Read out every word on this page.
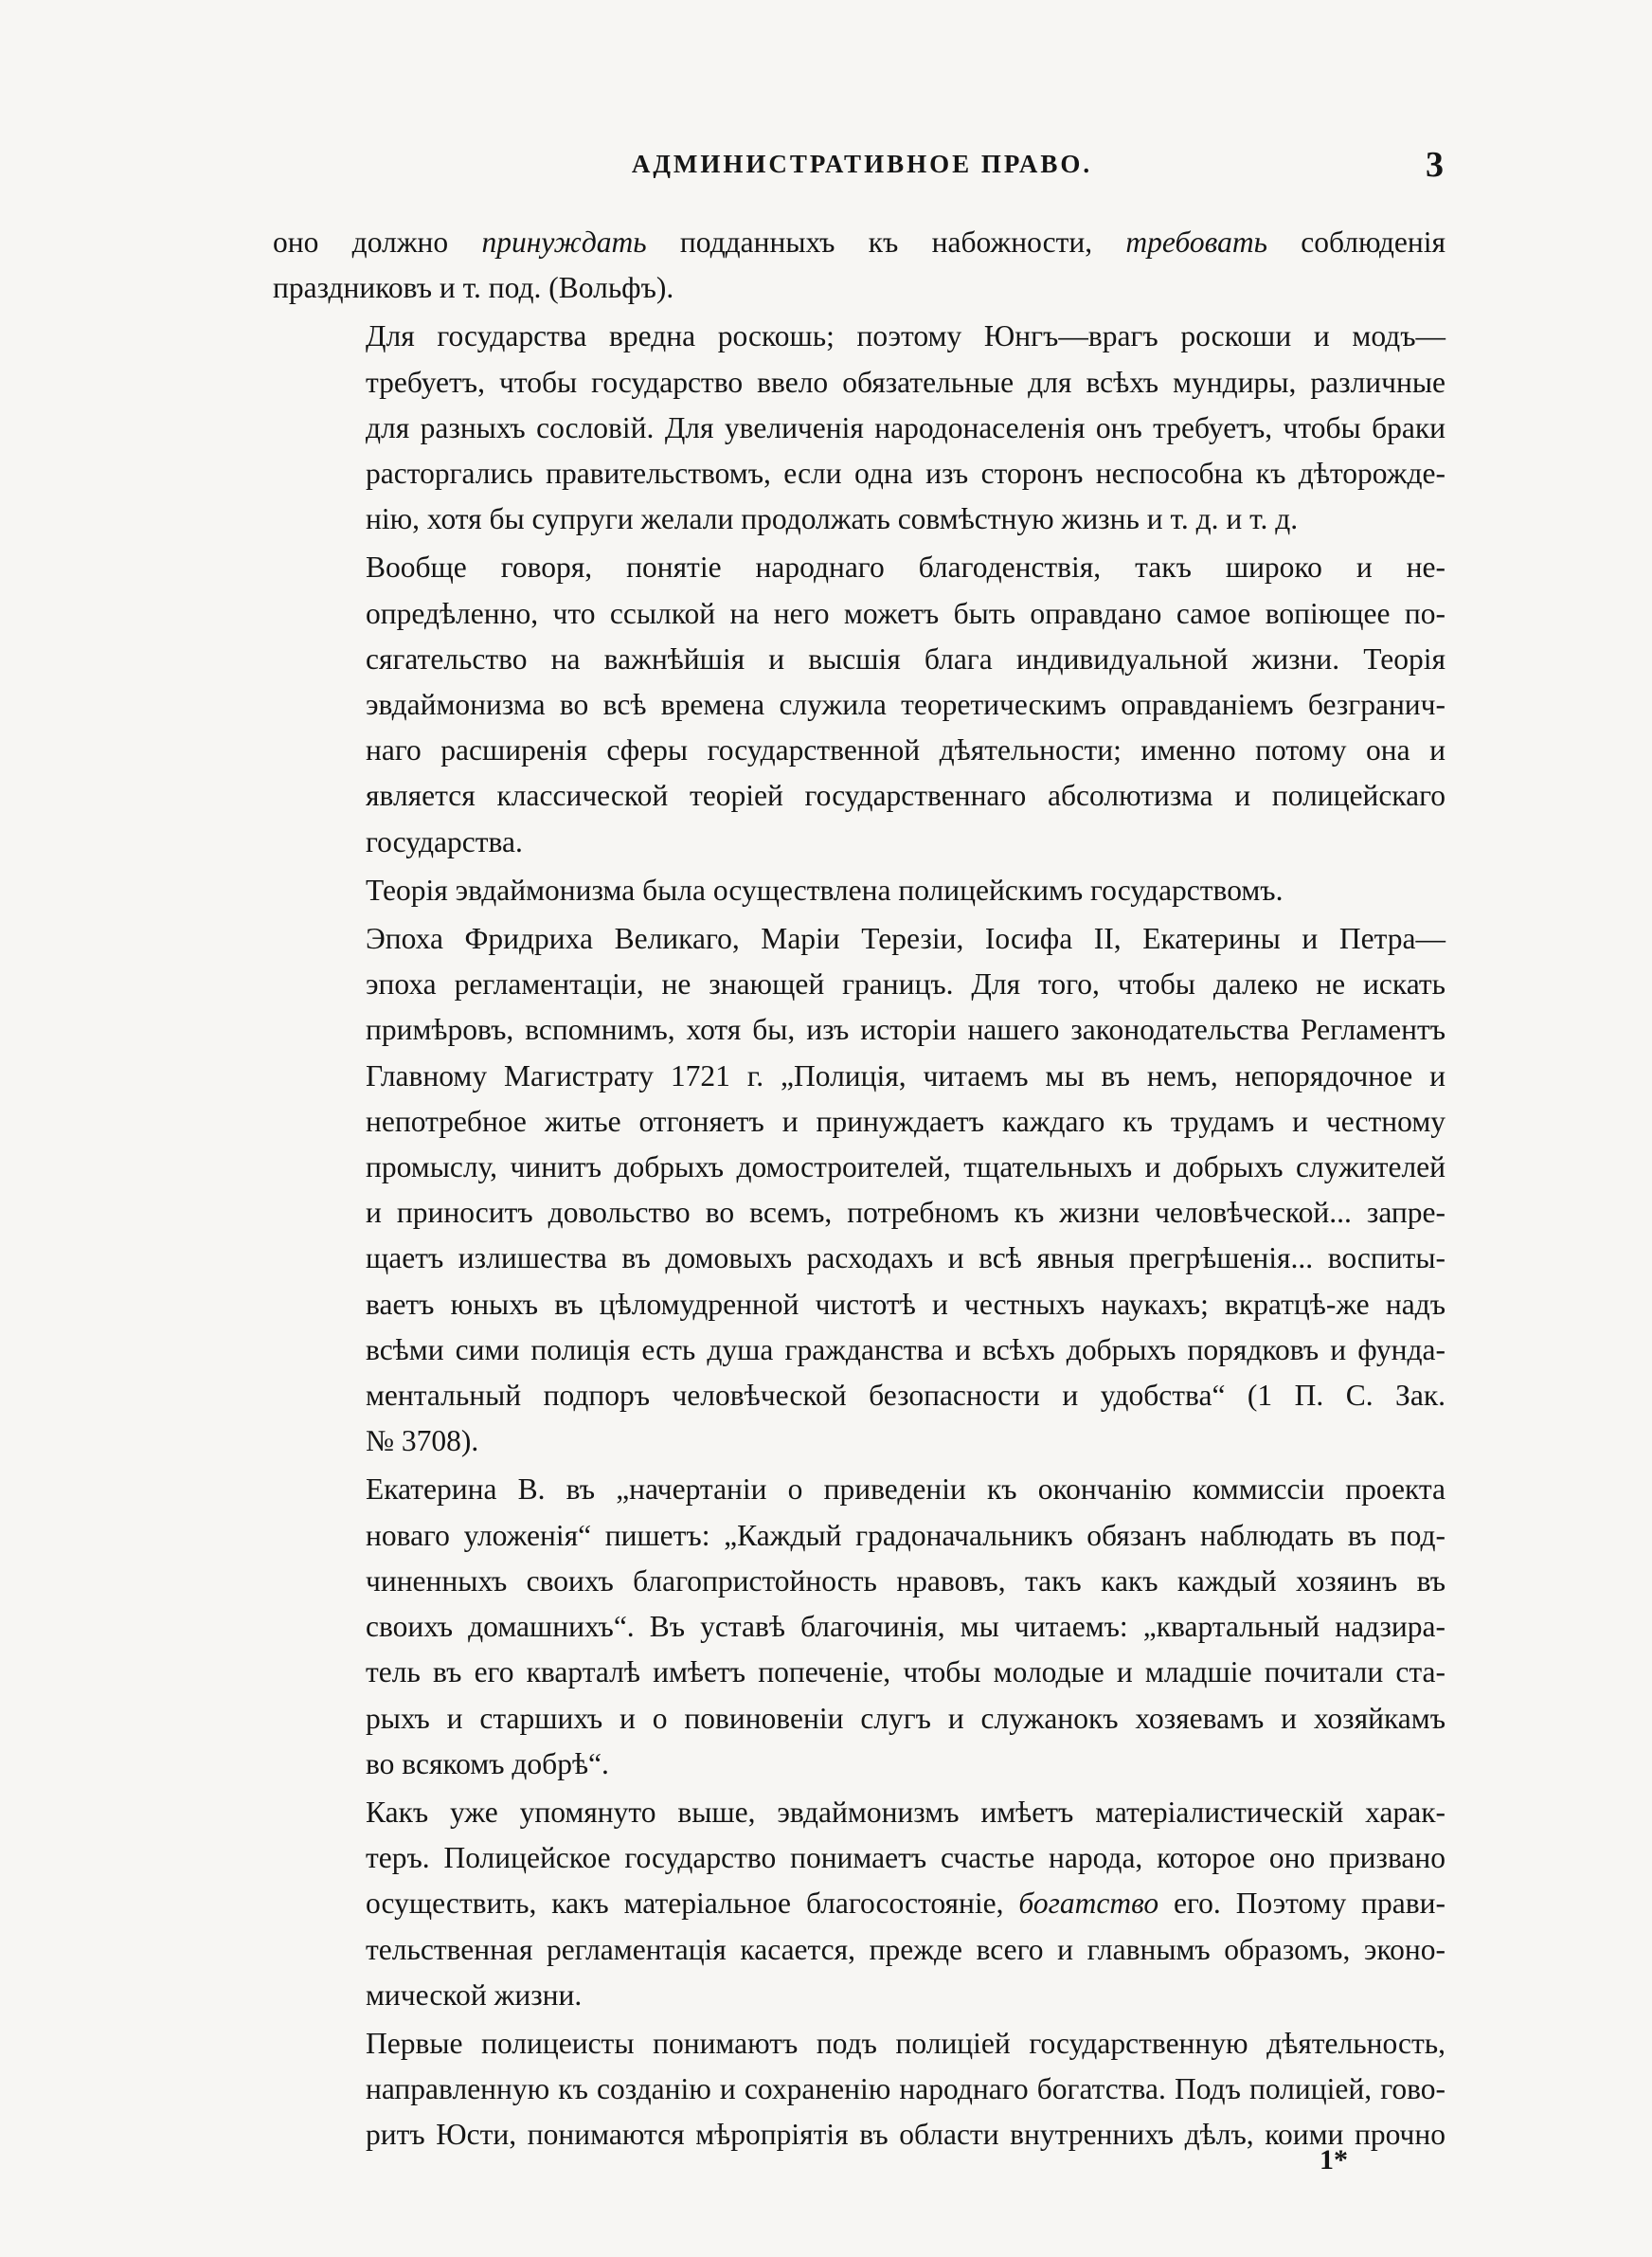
АДМИНИСТРАТИВНОЕ ПРАВО.	3

оно должно принуждать подданныхъ къ набожности, требовать соблюденія
праздниковъ и т. под. (Вольфъ).

Для государства вредна роскошь; поэтому Юнгъ—врагъ роскоши и модъ—
требуетъ, чтобы государство ввело обязательные для всѣхъ мундиры, различные
для разныхъ сословій. Для увеличенія народонаселенія онъ требуетъ, чтобы браки
расторгались правительствомъ, если одна изъ сторонъ неспособна къ дѣторожде-
нію, хотя бы супруги желали продолжать совмѣстную жизнь и т. д. и т. д.

Вообще говоря, понятіе народнаго благоденствія, такъ широко и не-
опредѣленно, что ссылкой на него можетъ быть оправдано самое вопіющее по-
сягательство на важнѣйшія и высшія блага индивидуальной жизни. Теорія
эвдаймонизма во всѣ времена служила теоретическимъ оправданіемъ безгранич-
наго расширенія сферы государственной дѣятельности; именно потому она и
является классической теоріей государственнаго абсолютизма и полицейскаго
государства.

Теорія эвдаймонизма была осуществлена полицейскимъ государствомъ.

Эпоха Фридриха Великаго, Маріи Терезіи, Іосифа II, Екатерины и Петра—
эпоха регламентаціи, не знающей границъ. Для того, чтобы далеко не искать
примѣровъ, вспомнимъ, хотя бы, изъ исторіи нашего законодательства Регламентъ
Главному Магистрату 1721 г. „Полиція, читаемъ мы въ немъ, непорядочное и
непотребное житье отгоняетъ и принуждаетъ каждаго къ трудамъ и честному
промыслу, чинитъ добрыхъ домостроителей, тщательныхъ и добрыхъ служителей
и приноситъ довольство во всемъ, потребномъ къ жизни человѣческой... запре-
щаетъ излишества въ домовыхъ расходахъ и всѣ явныя прегрѣшенія... воспиты-
ваетъ юныхъ въ цѣломудренной чистотѣ и честныхъ наукахъ; вкратцѣ-же надъ
всѣми сими полиція есть душа гражданства и всѣхъ добрыхъ порядковъ и фунда-
ментальный подпоръ человѣческой безопасности и удобства“ (1 П. С. Зак.
№ 3708).

Екатерина В. въ „начертаніи о приведеніи къ окончанію коммиссіи проекта
новаго уложенія“ пишетъ: „Каждый градоначальникъ обязанъ наблюдать въ под-
чиненныхъ своихъ благопристойность нравовъ, такъ какъ каждый хозяинъ въ
своихъ домашнихъ“. Въ уставѣ благочинія, мы читаемъ: „квартальный надзира-
тель въ его кварталѣ имѣетъ попеченіе, чтобы молодые и младшіе почитали ста-
рыхъ и старшихъ и о повиновеніи слугъ и служанокъ хозяевамъ и хозяйкамъ
во всякомъ добрѣ“.

Какъ уже упомянуто выше, эвдаймонизмъ имѣетъ матеріалистическій харак-
теръ. Полицейское государство понимаетъ счастье народа, которое оно призвано
осуществить, какъ матеріальное благосостояніе, богатство его. Поэтому прави-
тельственная регламентація касается, прежде всего и главнымъ образомъ, эконо-
мической жизни.

Первые полицеисты понимаютъ подъ полиціей государственную дѣятельность,
направленную къ созданію и сохраненію народнаго богатства. Подъ полиціей, гово-
ритъ Юсти, понимаются мѣропріятія въ области внутреннихъ дѣлъ, коими прочно

1*
